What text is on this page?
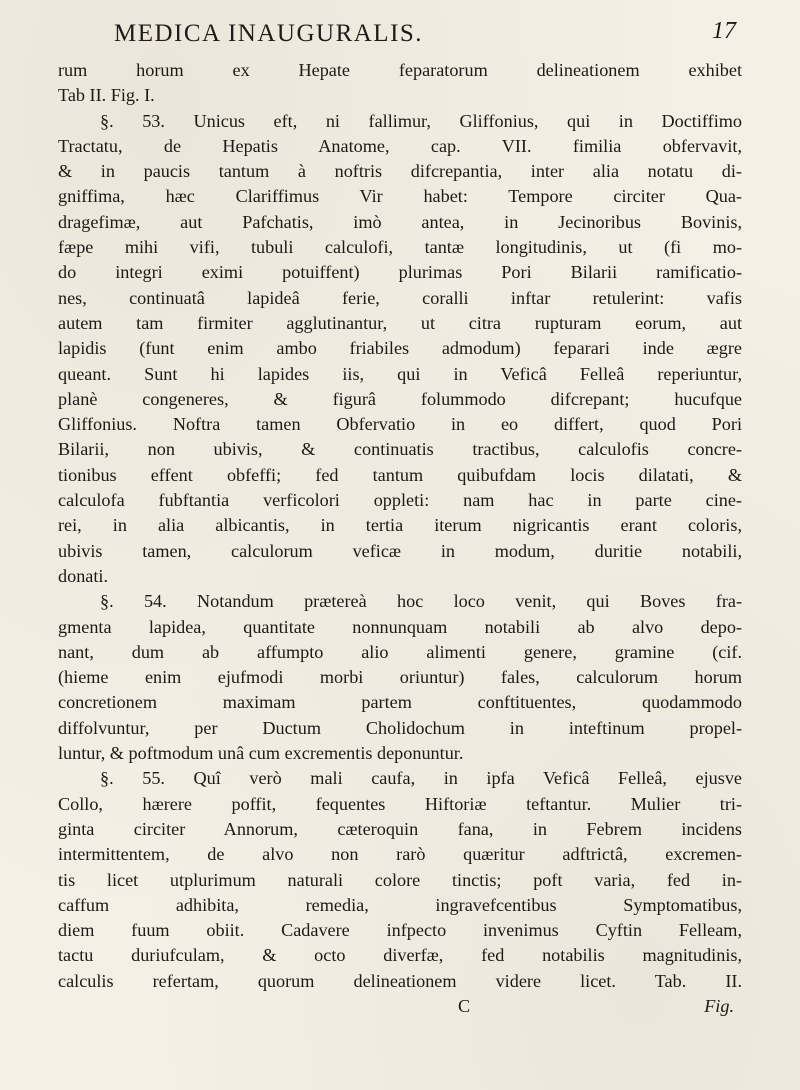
MEDICA INAUGURALIS.	17
rum horum ex Hepate feparatorum delineationem exhibet
Tab II. Fig. I.
§. 53. Unicus eft, ni fallimur, Gliffonius, qui in Doctiffimo
Tractatu, de Hepatis Anatome, cap. VII. fimilia obfervavit,
& in paucis tantum à noftris difcrepantia, inter alia notatu di-
gniffima, hæc Clariffimus Vir habet: Tempore circiter Qua-
dragefimæ, aut Pafchatis, imò antea, in Jecinoribus Bovinis,
fæpe mihi vifi, tubuli calculofi, tantæ longitudinis, ut (fi mo-
do integri eximi potuiffent) plurimas Pori Bilarii ramificatio-
nes, continuatâ lapideâ ferie, coralli inftar retulerint: vafis
autem tam firmiter agglutinantur, ut citra rupturam eorum, aut
lapidis (funt enim ambo friabiles admodum) feparari inde ægre
queant. Sunt hi lapides iis, qui in Veficâ Felleâ reperiuntur,
planè congeneres, & figurâ folummodo difcrepant; hucufque
Gliffonius. Noftra tamen Obfervatio in eo differt, quod Pori
Bilarii, non ubivis, & continuatis tractibus, calculofis concre-
tionibus effent obfeffi; fed tantum quibufdam locis dilatati, &
calculofa fubftantia verficolori oppleti: nam hac in parte cine-
rei, in alia albicantis, in tertia iterum nigricantis erant coloris,
ubivis tamen, calculorum veficæ in modum, duritie notabili,
donati.
§. 54. Notandum prætereà hoc loco venit, qui Boves fra-
gmenta lapidea, quantitate nonnunquam notabili ab alvo depo-
nant, dum ab affumpto alio alimenti genere, gramine (cif.
(hieme enim ejufmodi morbi oriuntur) fales, calculorum horum
concretionem maximam partem conftituentes, quodammodo
diffolvuntur, per Ductum Cholidochum in inteftinum propel-
luntur, & poftmodum unâ cum excrementis deponuntur.
§. 55. Quî verò mali caufa, in ipfa Veficâ Felleâ, ejusve
Collo, hærere poffit, fequentes Hiftoriæ teftantur. Mulier tri-
ginta circiter Annorum, cæteroquin fana, in Febrem incidens
intermittentem, de alvo non rarò quæritur adftrictâ, excremen-
tis licet utplurimum naturali colore tinctis; poft varia, fed in-
caffum adhibita, remedia, ingravefcentibus Symptomatibus,
diem fuum obiit. Cadavere infpecto invenimus Cyftin Felleam,
tactu duriufculam, & octo diverfæ, fed notabilis magnitudinis,
calculis refertam, quorum delineationem videre licet. Tab. II.
C	Fig.
